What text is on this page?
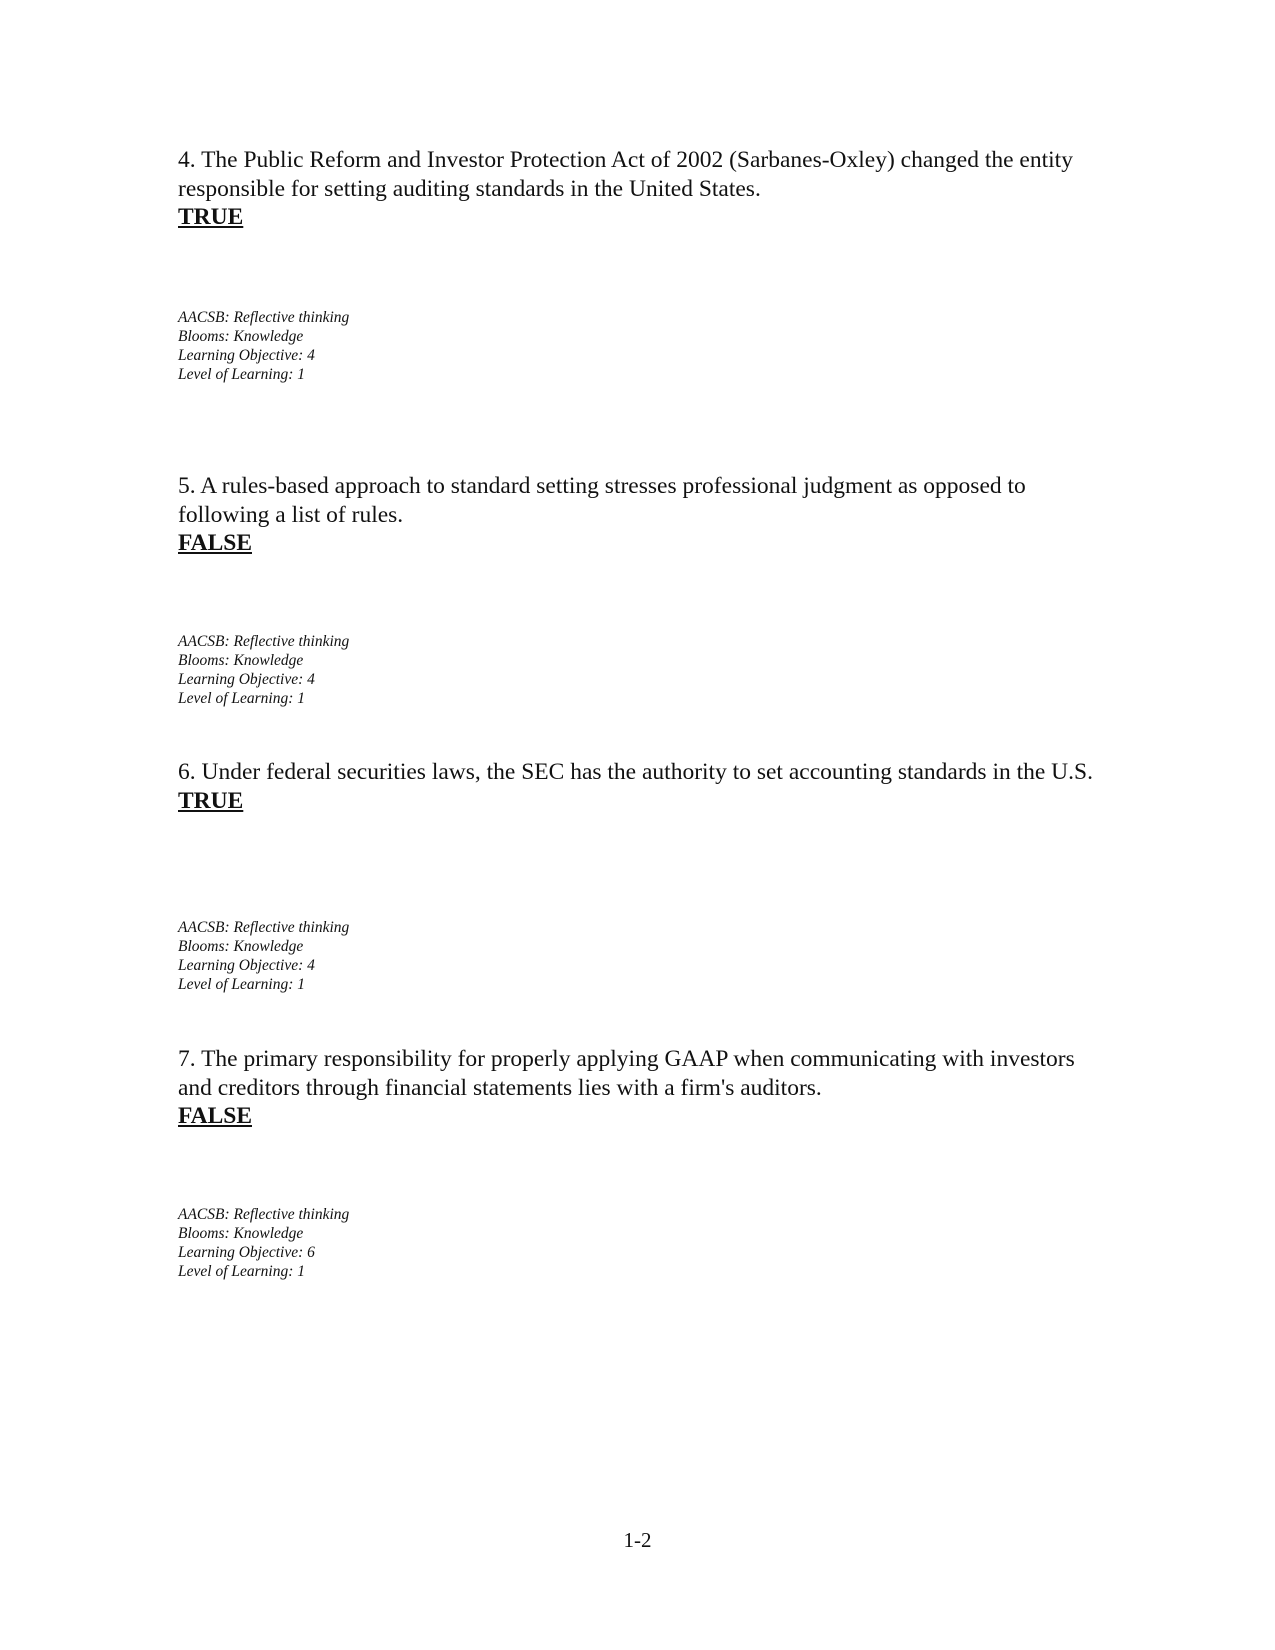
4. The Public Reform and Investor Protection Act of 2002 (Sarbanes-Oxley) changed the entity responsible for setting auditing standards in the United States.

TRUE
AACSB: Reflective thinking
Blooms: Knowledge
Learning Objective: 4
Level of Learning: 1

5. A rules-based approach to standard setting stresses professional judgment as opposed to following a list of rules.

FALSE
AACSB: Reflective thinking
Blooms: Knowledge
Learning Objective: 4
Level of Learning: 1

6. Under federal securities laws, the SEC has the authority to set accounting standards in the U.S.

TRUE
AACSB: Reflective thinking
Blooms: Knowledge
Learning Objective: 4
Level of Learning: 1

7. The primary responsibility for properly applying GAAP when communicating with investors and creditors through financial statements lies with a firm's auditors.

FALSE
AACSB: Reflective thinking
Blooms: Knowledge
Learning Objective: 6
Level of Learning: 1
1-2
